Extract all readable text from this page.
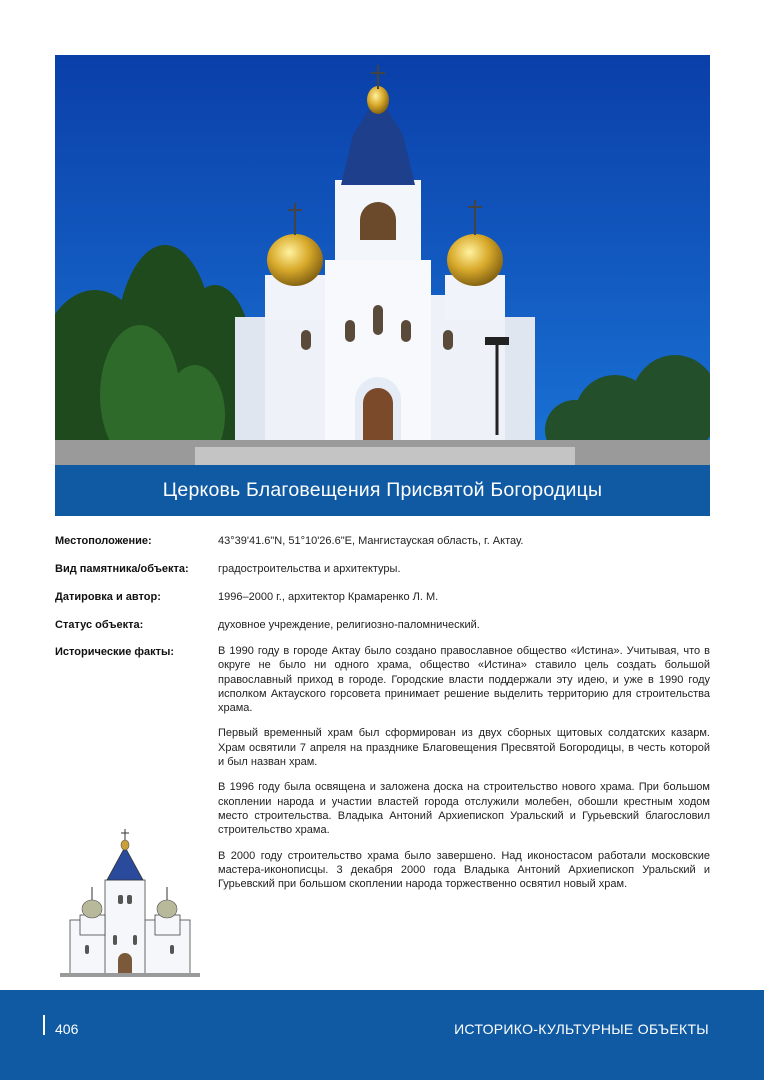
Церковь Благовещения Присвятой Богородицы
Местоположение:	43°39'41.6"N, 51°10'26.6"E, Мангистауская область, г. Актау.
Вид памятника/объекта:	градостроительства и архитектуры.
Датировка и автор:	1996–2000 г., архитектор Крамаренко Л. М.
Статус объекта:	духовное учреждение, религиозно-паломнический.
Исторические факты:	В 1990 году в городе Актау было создано православное общество «Истина». Учитывая, что в округе не было ни одного храма, общество «Истина» ставило цель создать большой православный приход в городе. Городские власти поддержали эту идею, и уже в 1990 году исполком Актауского горсовета принимает решение выделить территорию для строительства храма.

Первый временный храм был сформирован из двух сборных щитовых солдатских казарм. Храм освятили 7 апреля на празднике Благовещения Пресвятой Богородицы, в честь которой и был назван храм.

В 1996 году была освящена и заложена доска на строительство нового храма. При большом скоплении народа и участии властей города отслужили молебен, обошли крестным ходом место строительства. Владыка Антоний Архиепископ Уральский и Гурьевский благословил строительство храма.

В 2000 году строительство храма было завершено. Над иконостасом работали московские мастера-иконописцы. 3 декабря 2000 года Владыка Антоний Архиепископ Уральский и Гурьевский при большом скоплении народа торжественно освятил новый храм.

406	ИСТОРИКО-КУЛЬТУРНЫЕ ОБЪЕКТЫ
